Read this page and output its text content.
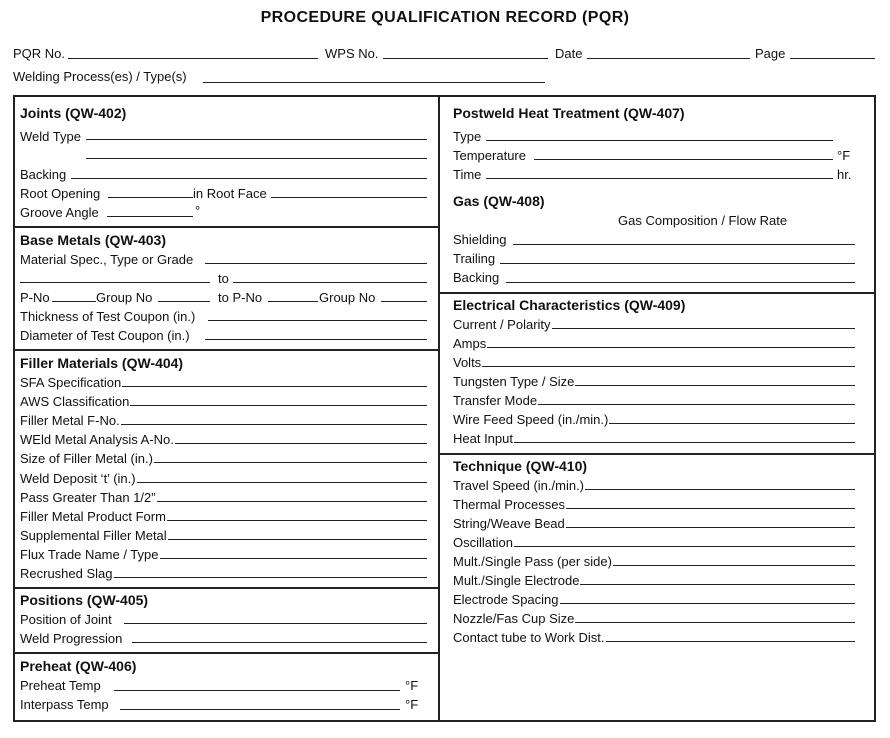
PROCEDURE QUALIFICATION RECORD (PQR)
PQR No.	WPS No.	Date	Page
Welding Process(es) / Type(s)
Joints (QW-402)
Weld Type
Backing
Root Opening	in Root Face
Groove Angle	°
Base Metals (QW-403)
Material Spec., Type or Grade
to
P-No	Group No	to P-No	Group No
Thickness of Test Coupon (in.)
Diameter of Test Coupon (in.)
Filler Materials (QW-404)
SFA Specification
AWS Classification
Filler Metal F-No.
WEld Metal Analysis A-No.
Size of Filler Metal (in.)
Weld Deposit ‘t’ (in.)
Pass Greater Than 1/2”
Filler Metal Product Form
Supplemental Filler Metal
Flux Trade Name / Type
Recrushed Slag
Positions (QW-405)
Position of Joint
Weld Progression
Preheat (QW-406)
Preheat Temp	°F
Interpass Temp	°F
Postweld Heat Treatment (QW-407)
Type
Temperature	°F
Time	hr.
Gas (QW-408)
Gas Composition / Flow Rate
Shielding
Trailing
Backing
Electrical Characteristics (QW-409)
Current / Polarity
Amps
Volts
Tungsten Type / Size
Transfer Mode
Wire Feed Speed (in./min.)
Heat Input
Technique (QW-410)
Travel Speed (in./min.)
Thermal Processes
String/Weave Bead
Oscillation
Mult./Single Pass (per side)
Mult./Single Electrode
Electrode Spacing
Nozzle/Fas Cup Size
Contact tube to Work Dist.
